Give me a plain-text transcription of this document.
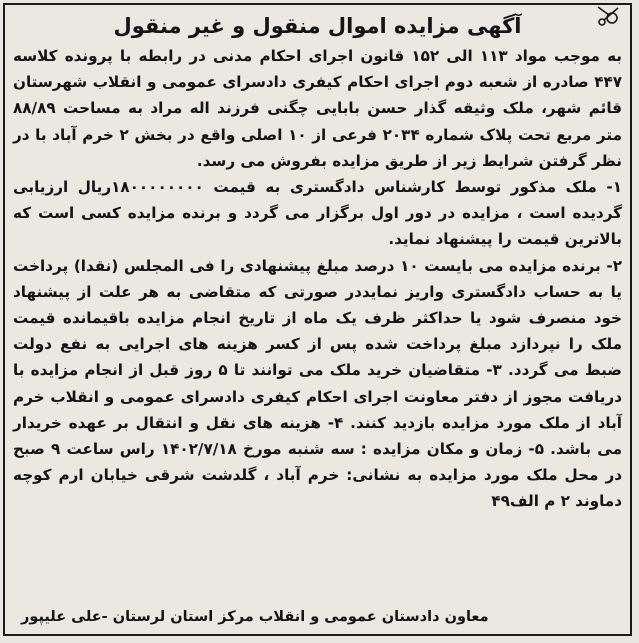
آگهی مزایده اموال منقول و غیر منقول

به موجب مواد ۱۱۳ الی ۱۵۲ قانون اجرای احکام مدنی در رابطه با پرونده کلاسه ۴۴۷ صادره از شعبه دوم اجرای احکام کیفری دادسرای عمومی و انقلاب شهرستان قائم شهر، ملک وثیقه گذار حسن بابایی چگنی فرزند اله مراد به مساحت ۸۸/۸۹ متر مربع تحت پلاک شماره ۲۰۳۴ فرعی از ۱۰ اصلی واقع در بخش ۲ خرم آباد با در نظر گرفتن شرایط زیر از طریق مزایده بفروش می رسد.

۱- ملک مذکور توسط کارشناس دادگستری به قیمت ۱۸۰۰۰۰۰۰۰۰ریال ارزیابی گردیده است ، مزایده در دور اول برگزار می گردد و برنده مزایده کسی است که بالاترین قیمت را پیشنهاد نماید.

۲- برنده مزایده می بایست ۱۰ درصد مبلغ پیشنهادی را فی المجلس (نقدا) پرداخت یا به حساب دادگستری واریز نمایددر صورتی که متقاضی به هر علت از پیشنهاد خود منصرف شود یا حداکثر ظرف یک ماه از تاریخ انجام مزایده باقیمانده قیمت ملک را نپردازد مبلغ پرداخت شده پس از کسر هزینه های اجرایی به نفع دولت ضبط می گردد. ۳- متقاضیان خرید ملک می توانند تا ۵ روز قبل از انجام مزایده با دریافت مجوز از دفتر معاونت اجرای احکام کیفری دادسرای عمومی و انقلاب خرم آباد از ملک مورد مزایده بازدید کنند. ۴- هزینه های نقل و انتقال بر عهده خریدار می باشد. ۵- زمان و مکان مزایده : سه شنبه مورخ ۱۴۰۲/۷/۱۸ راس ساعت ۹ صبح در محل ملک مورد مزایده به نشانی: خرم آباد ، گلدشت شرقی خیابان ارم کوچه دماوند ۲ م الف۴۹

معاون دادستان عمومی و انقلاب مرکز استان لرستان -علی علیپور
